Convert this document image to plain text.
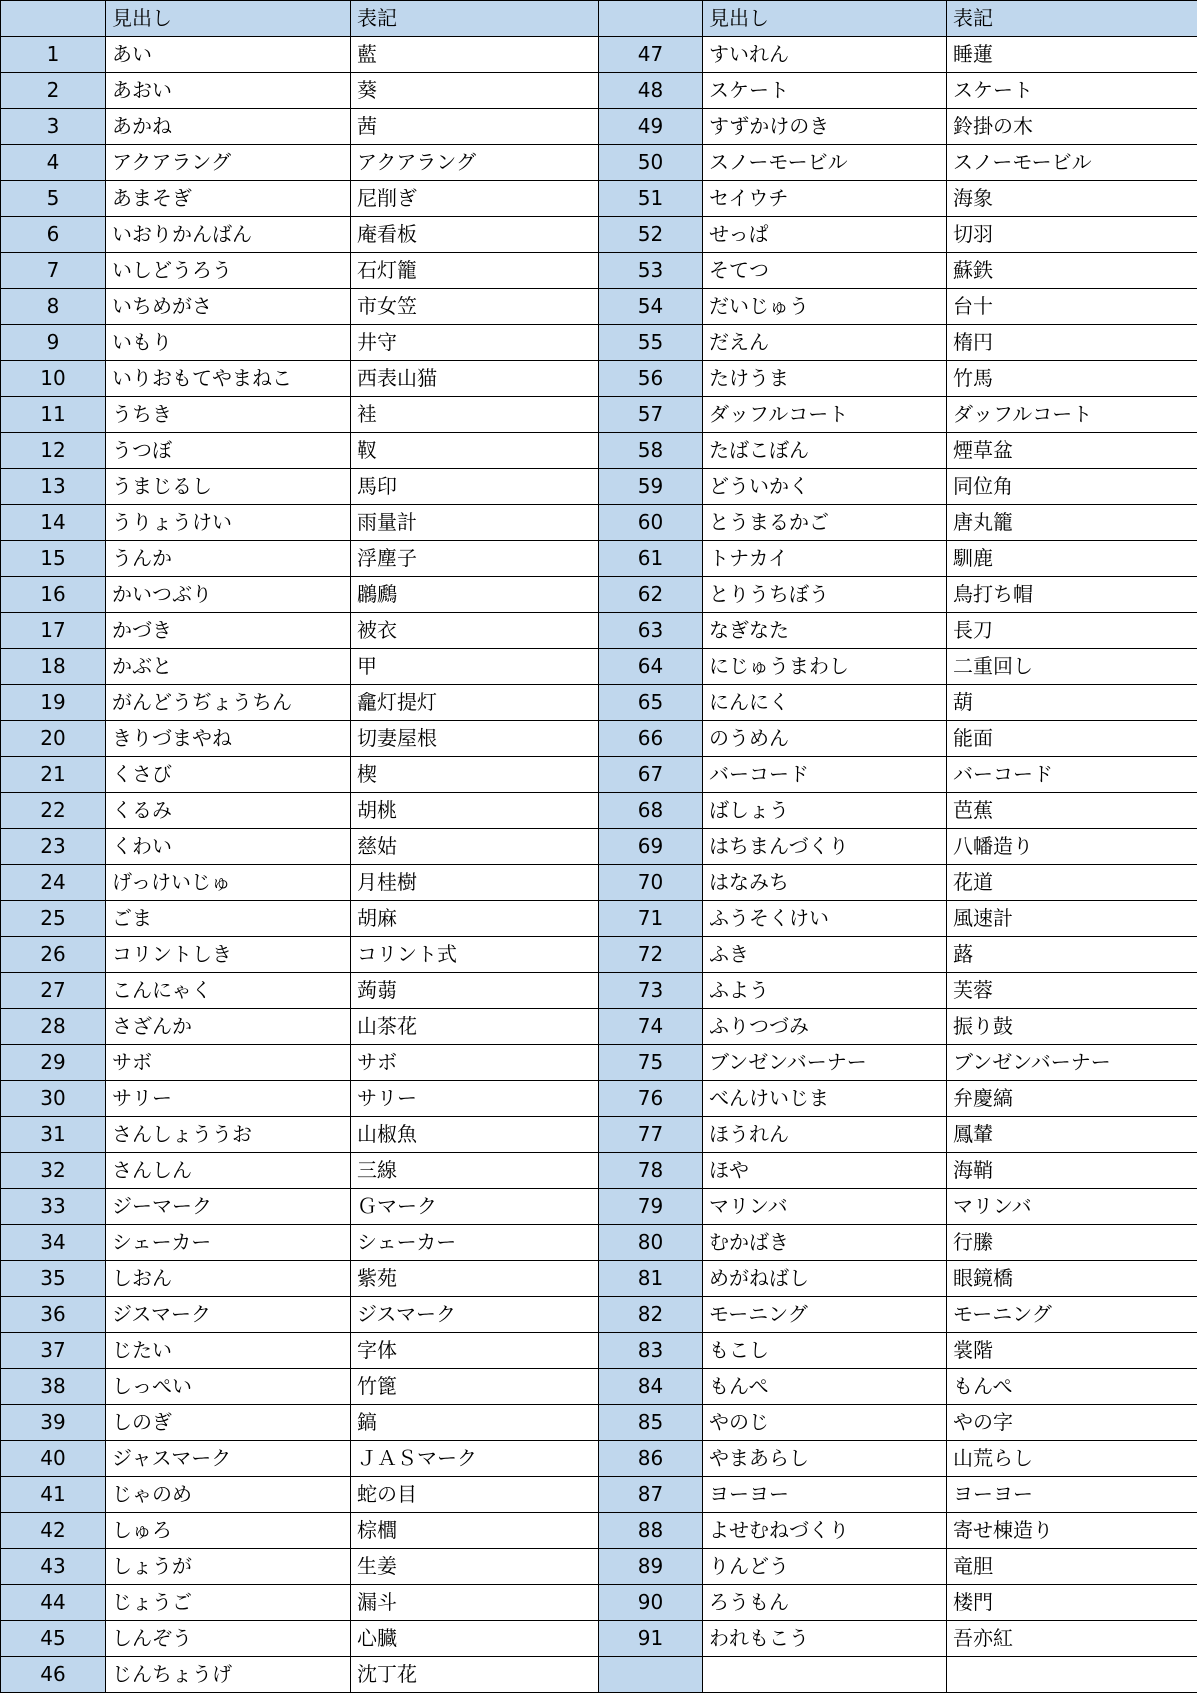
	見出し	表記		見出し	表記
1	あい	藍	47	すいれん	睡蓮
2	あおい	葵	48	スケート	スケート
3	あかね	茜	49	すずかけのき	鈴掛の木
4	アクアラング	アクアラング	50	スノーモービル	スノーモービル
5	あまそぎ	尼削ぎ	51	セイウチ	海象
6	いおりかんばん	庵看板	52	せっぱ	切羽
7	いしどうろう	石灯籠	53	そてつ	蘇鉄
8	いちめがさ	市女笠	54	だいじゅう	台十
9	いもり	井守	55	だえん	楕円
10	いりおもてやまねこ	西表山猫	56	たけうま	竹馬
11	うちき	袿	57	ダッフルコート	ダッフルコート
12	うつぼ	靫	58	たばこぼん	煙草盆
13	うまじるし	馬印	59	どういかく	同位角
14	うりょうけい	雨量計	60	とうまるかご	唐丸籠
15	うんか	浮塵子	61	トナカイ	馴鹿
16	かいつぶり	鸊鷉	62	とりうちぼう	鳥打ち帽
17	かづき	被衣	63	なぎなた	長刀
18	かぶと	甲	64	にじゅうまわし	二重回し
19	がんどうぢょうちん	龕灯提灯	65	にんにく	葫
20	きりづまやね	切妻屋根	66	のうめん	能面
21	くさび	楔	67	バーコード	バーコード
22	くるみ	胡桃	68	ばしょう	芭蕉
23	くわい	慈姑	69	はちまんづくり	八幡造り
24	げっけいじゅ	月桂樹	70	はなみち	花道
25	ごま	胡麻	71	ふうそくけい	風速計
26	コリントしき	コリント式	72	ふき	蕗
27	こんにゃく	蒟蒻	73	ふよう	芙蓉
28	さざんか	山茶花	74	ふりつづみ	振り鼓
29	サボ	サボ	75	ブンゼンバーナー	ブンゼンバーナー
30	サリー	サリー	76	べんけいじま	弁慶縞
31	さんしょううお	山椒魚	77	ほうれん	鳳輦
32	さんしん	三線	78	ほや	海鞘
33	ジーマーク	Ｇマーク	79	マリンバ	マリンバ
34	シェーカー	シェーカー	80	むかばき	行縢
35	しおん	紫苑	81	めがねばし	眼鏡橋
36	ジスマーク	ジスマーク	82	モーニング	モーニング
37	じたい	字体	83	もこし	裳階
38	しっぺい	竹篦	84	もんぺ	もんぺ
39	しのぎ	鎬	85	やのじ	やの字
40	ジャスマーク	ＪＡＳマーク	86	やまあらし	山荒らし
41	じゃのめ	蛇の目	87	ヨーヨー	ヨーヨー
42	しゅろ	棕櫚	88	よせむねづくり	寄せ棟造り
43	しょうが	生姜	89	りんどう	竜胆
44	じょうご	漏斗	90	ろうもん	楼門
45	しんぞう	心臓	91	われもこう	吾亦紅
46	じんちょうげ	沈丁花			
